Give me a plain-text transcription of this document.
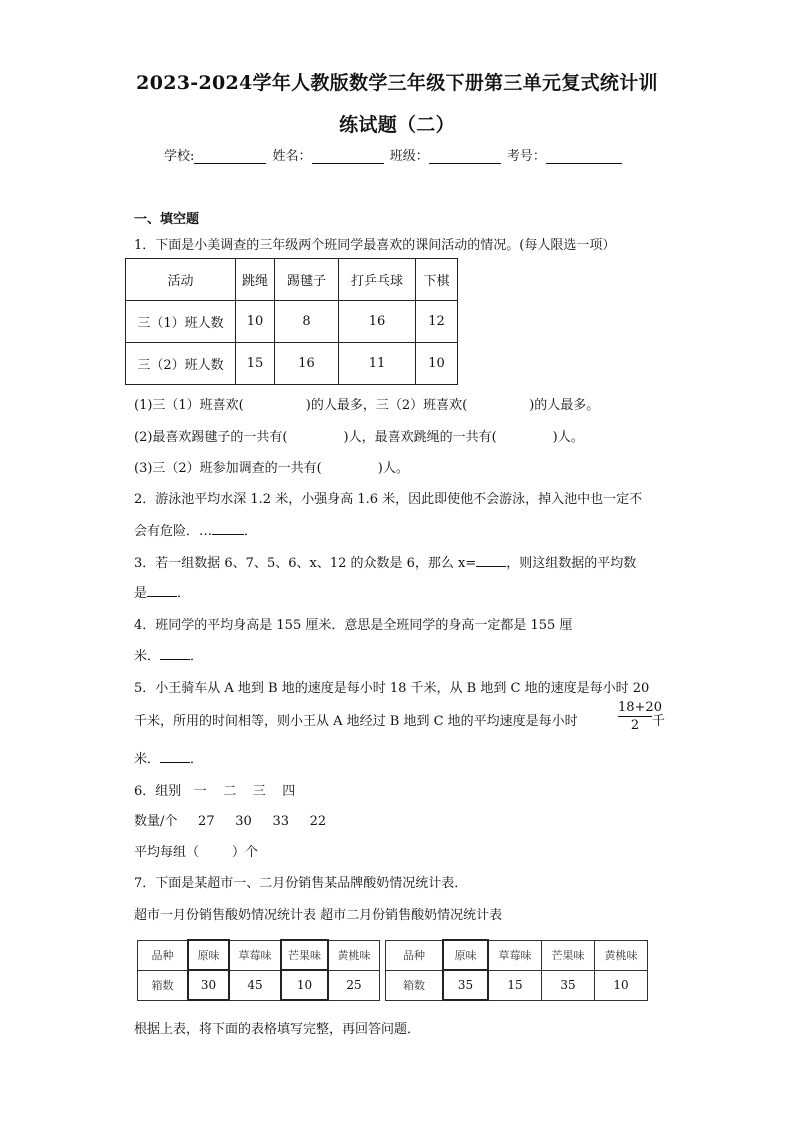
2023-2024学年人教版数学三年级下册第三单元复式统计训
练试题（二）
学校:	姓名：	班级：	考号：
一、填空题
1．下面是小美调查的三年级两个班同学最喜欢的课间活动的情况。(每人限选一项）
活动	跳绳	踢毽子	打乒乓球	下棋
三（1）班人数	10	8	16	12
三（2）班人数	15	16	11	10
(1)三（1）班喜欢(	)的人最多，三（2）班喜欢(	)的人最多。
(2)最喜欢踢毽子的一共有(	)人，最喜欢跳绳的一共有(	)人。
(3)三（2）班参加调查的一共有(	)人。
2．游泳池平均水深 1.2 米，小强身高 1.6 米，因此即使他不会游泳，掉入池中也一定不
会有危险．… ．
3．若一组数据 6、7、5、6、x、12 的众数是 6，那么 x= ，则这组数据的平均数
是 ．
4．班同学的平均身高是 155 厘米．意思是全班同学的身高一定都是 155 厘
米． ．
5．小王骑车从 A 地到 B 地的速度是每小时 18 千米，从 B 地到 C 地的速度是每小时 20
千米，所用的时间相等，则小王从 A 地经过 B 地到 C 地的平均速度是每小时	$\frac{18+20}{2}$ 千
米． ．
6．组别   一    二    三    四
数量/个     27     30     33     22
平均每组（        ）个
7．下面是某超市一、二月份销售某品牌酸奶情况统计表．
超市一月份销售酸奶情况统计表 超市二月份销售酸奶情况统计表
品种	原味	草莓味	芒果味	黄桃味
箱数	30	45	10	25
品种	原味	草莓味	芒果味	黄桃味
箱数	35	15	35	10
根据上表，将下面的表格填写完整，再回答问题．
